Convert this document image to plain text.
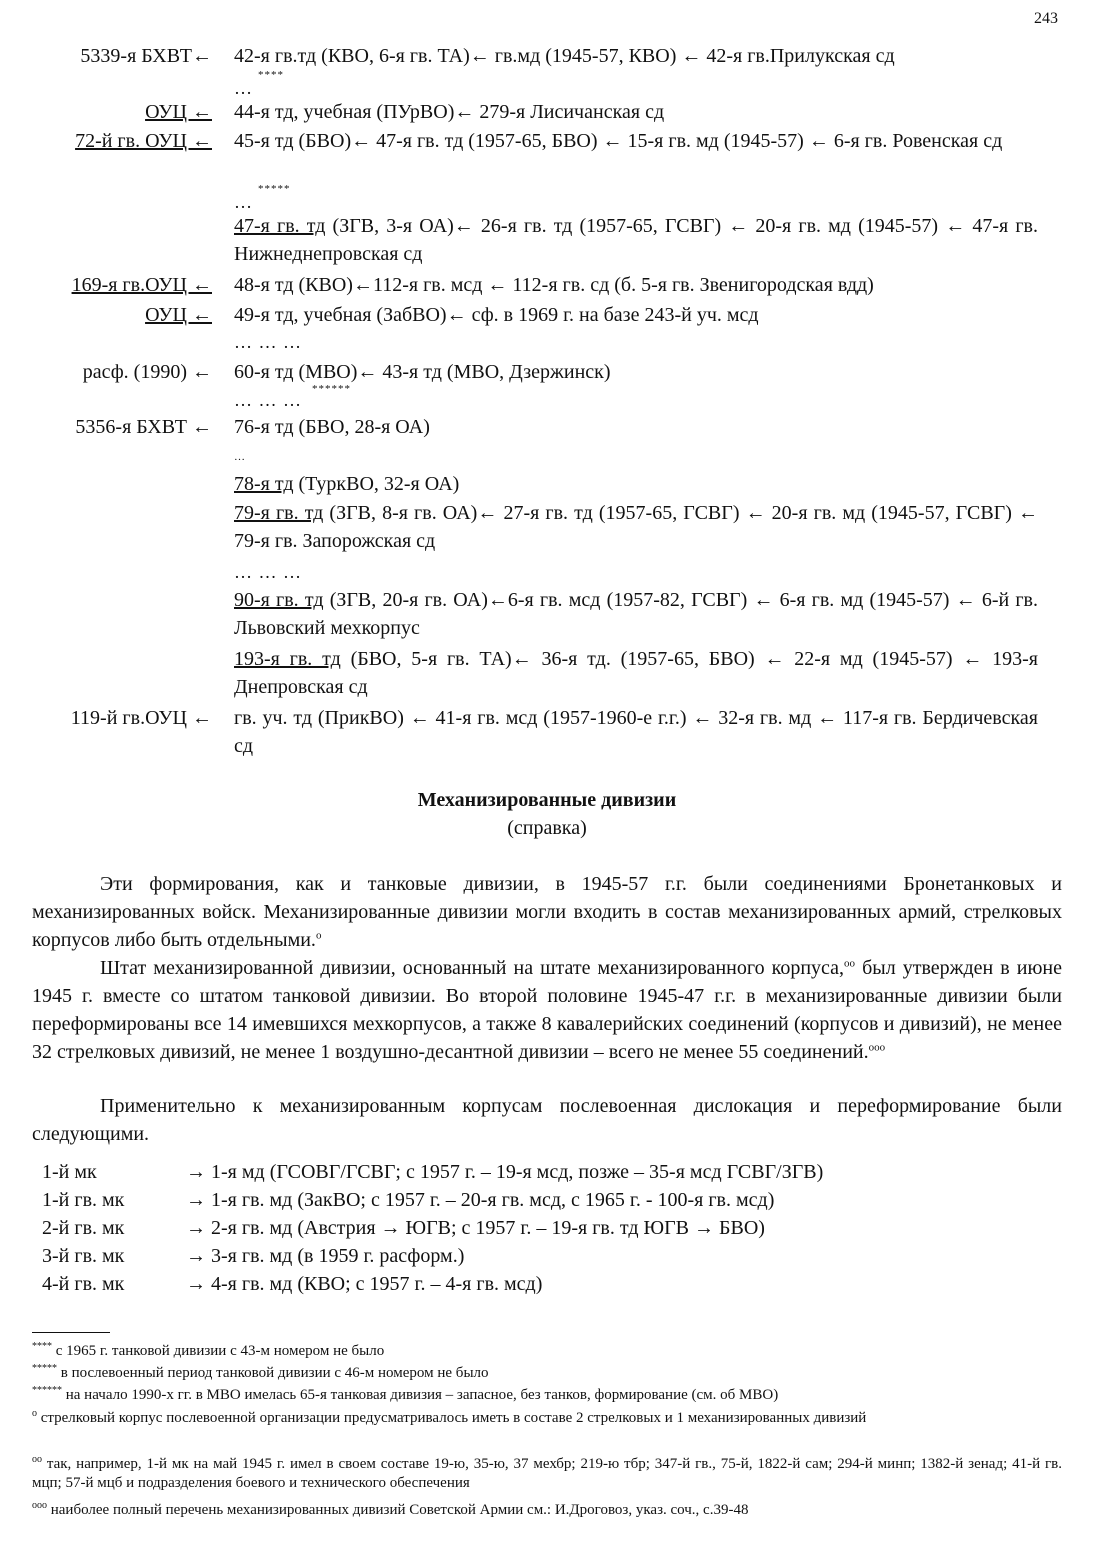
243
5339-я БХВТ← 42-я гв.тд (КВО, 6-я гв. ТА)← гв.мд (1945-57, КВО) ← 42-я гв.Прилукская сд
****
…
ОУЦ ← 44-я тд, учебная (ПУрВО)← 279-я Лисичанская сд
72-й гв. ОУЦ ← 45-я тд (БВО)← 47-я гв. тд (1957-65, БВО) ← 15-я гв. мд (1945-57) ← 6-я гв. Ровенская сд
*****
…
47-я гв. тд (ЗГВ, 3-я ОА)← 26-я гв. тд (1957-65, ГСВГ) ← 20-я гв. мд (1945-57) ← 47-я гв. Нижнеднепровская сд
169-я гв.ОУЦ ← 48-я тд (КВО)←112-я гв. мсд ← 112-я гв. сд (б. 5-я гв. Звенигородская вдд)
ОУЦ ← 49-я тд, учебная (ЗабВО)← сф. в 1969 г. на базе 243-й уч. мсд
… … …
расф. (1990) ← 60-я тд (МВО)← 43-я тд (МВО, Дзержинск)
******
… … …
5356-я БХВТ ← 76-я тд (БВО, 28-я ОА)
…
78-я тд (ТуркВО, 32-я ОА)
79-я гв. тд (ЗГВ, 8-я гв. ОА)← 27-я гв. тд (1957-65, ГСВГ) ← 20-я гв. мд (1945-57, ГСВГ) ← 79-я гв. Запорожская сд
… … …
90-я гв. тд (ЗГВ, 20-я гв. ОА)←6-я гв. мсд (1957-82, ГСВГ) ← 6-я гв. мд (1945-57) ← 6-й гв. Львовский мехкорпус
193-я гв. тд (БВО, 5-я гв. ТА)← 36-я тд. (1957-65, БВО) ← 22-я мд (1945-57) ← 193-я Днепровская сд
119-й гв.ОУЦ ← гв. уч. тд (ПрикВО) ← 41-я гв. мсд (1957-1960-е г.г.) ← 32-я гв. мд ← 117-я гв. Бердичевская сд
Механизированные дивизии
(справка)
Эти формирования, как и танковые дивизии, в 1945-57 г.г. были соединениями Бронетанковых и механизированных войск. Механизированные дивизии могли входить в состав механизированных армий, стрелковых корпусов либо быть отдельными.$^о$
Штат механизированной дивизии, основанный на штате механизированного корпуса,$^{оо}$ был утвержден в июне 1945 г. вместе со штатом танковой дивизии. Во второй половине 1945-47 г.г. в механизированные дивизии были переформированы все 14 имевшихся мехкорпусов, а также 8 кавалерийских соединений (корпусов и дивизий), не менее 32 стрелковых дивизий, не менее 1 воздушно-десантной дивизии – всего не менее 55 соединений.$^{ооо}$
Применительно к механизированным корпусам послевоенная дислокация и переформирование были следующими.
1-й мк	→ 1-я мд (ГСОВГ/ГСВГ; с 1957 г. – 19-я мсд, позже – 35-я мсд ГСВГ/ЗГВ)
1-й гв. мк	→ 1-я гв. мд (ЗакВО; с 1957 г. – 20-я гв. мсд, с 1965 г. - 100-я гв. мсд)
2-й гв. мк	→ 2-я гв. мд (Австрия → ЮГВ; с 1957 г. – 19-я гв. тд ЮГВ → БВО)
3-й гв. мк	→ 3-я гв. мд (в 1959 г. расформ.)
4-й гв. мк	→ 4-я гв. мд (КВО; с 1957 г. – 4-я гв. мсд)
**** с 1965 г. танковой дивизии с 43-м номером не было
***** в послевоенный период танковой дивизии с 46-м номером не было
****** на начало 1990-х гг. в МВО имелась 65-я танковая дивизия – запасное, без танков, формирование (см. об МВО)
$^о$ стрелковый корпус послевоенной организации предусматривалось иметь в составе 2 стрелковых и 1 механизированных дивизий
$^{оо}$ так, например, 1-й мк на май 1945 г. имел в своем составе 19-ю, 35-ю, 37 мехбр; 219-ю тбр; 347-й гв., 75-й, 1822-й сам; 294-й минп; 1382-й зенад; 41-й гв. мцп; 57-й мцб и подразделения боевого и технического обеспечения
$^{ооо}$ наиболее полный перечень механизированных дивизий Советской Армии см.: И.Дроговоз, указ. соч., с.39-48
